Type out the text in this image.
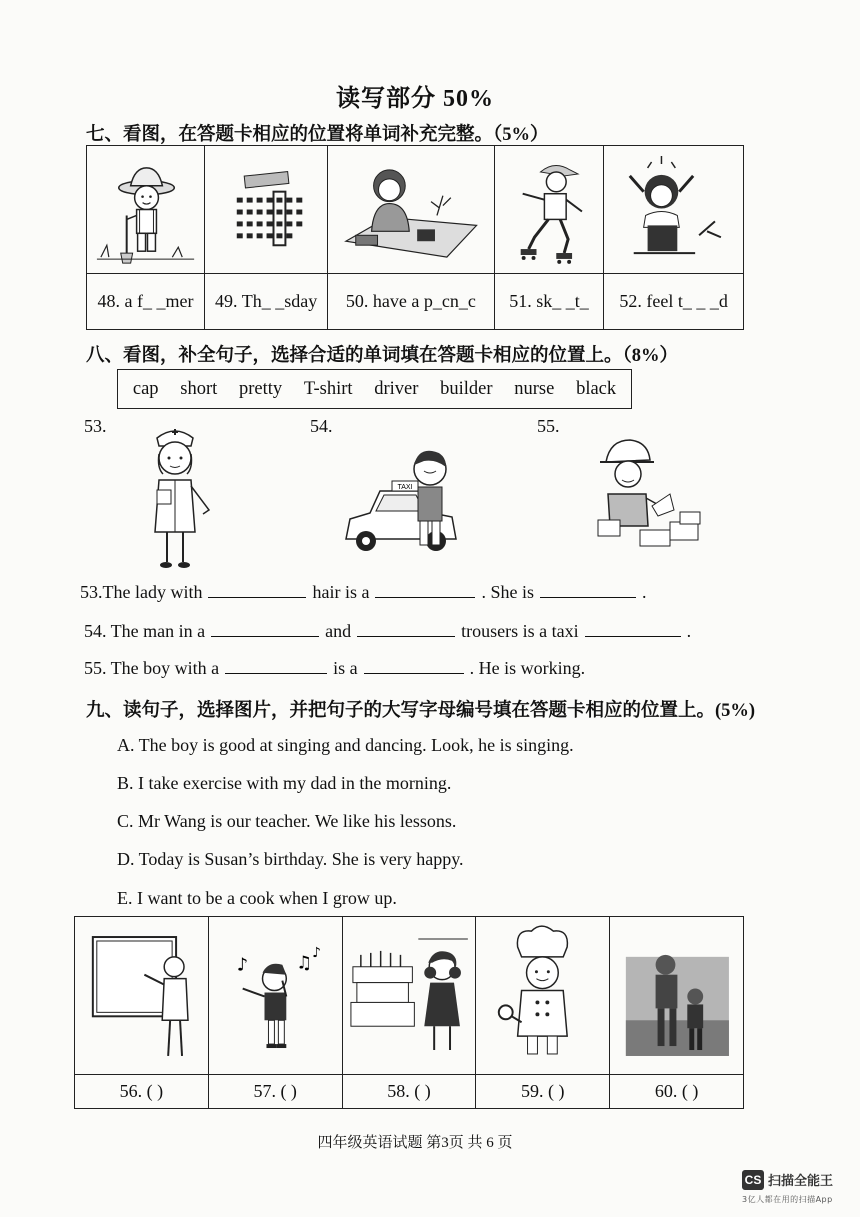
读写部分 50%
七、看图，在答题卡相应的位置将单词补充完整。（5%）

48. a f_ _mer	49. Th_ _sday	50. have a p_cn_c	51. sk_ _t_	52. feel t_ _ _d
八、看图，补全句子，选择合适的单词填在答题卡相应的位置上。（8%）
cap short pretty T-shirt driver builder nurse black
53.	54.	55.
TAXI
53.The lady with	hair is a	. She is	.
54. The man in a	and	trousers is a taxi	.
55. The boy with a	is a	. He is working.
九、读句子，选择图片，并把句子的大写字母编号填在答题卡相应的位置上。(5%)
A. The boy is good at singing and dancing. Look, he is singing.
B. I take exercise with my dad in the morning.
C. Mr Wang is our teacher. We like his lessons.
D. Today is Susan’s birthday. She is very happy.
E. I want to be a cook when I grow up.

♪ ♫ ♪

56. ( )	57. ( )	58. ( )	59. ( )	60. ( )
四年级英语试题 第3页 共 6 页
CS 扫描全能王
3亿人都在用的扫描App
